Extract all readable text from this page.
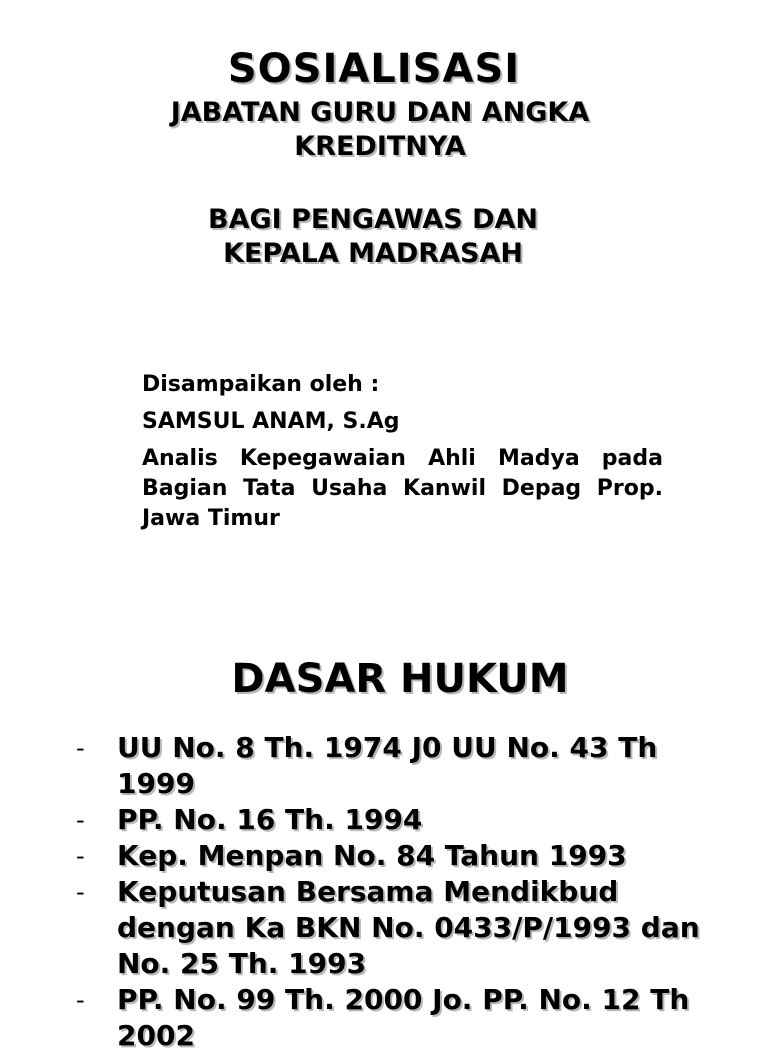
SOSIALISASI
JABATAN GURU DAN ANGKA
KREDITNYA
BAGI PENGAWAS DAN
KEPALA MADRASAH

Disampaikan oleh :

SAMSUL ANAM, S.Ag

Analis Kepegawaian Ahli Madya pada Bagian Tata Usaha Kanwil Depag Prop. Jawa Timur

DASAR HUKUM
- UU No. 8 Th. 1974 J0 UU No. 43 Th 1999
- PP. No. 16 Th. 1994
- Kep. Menpan No. 84 Tahun 1993
- Keputusan Bersama Mendikbud dengan Ka BKN No. 0433/P/1993 dan No. 25 Th. 1993
- PP. No. 99 Th. 2000 Jo. PP. No. 12 Th 2002
